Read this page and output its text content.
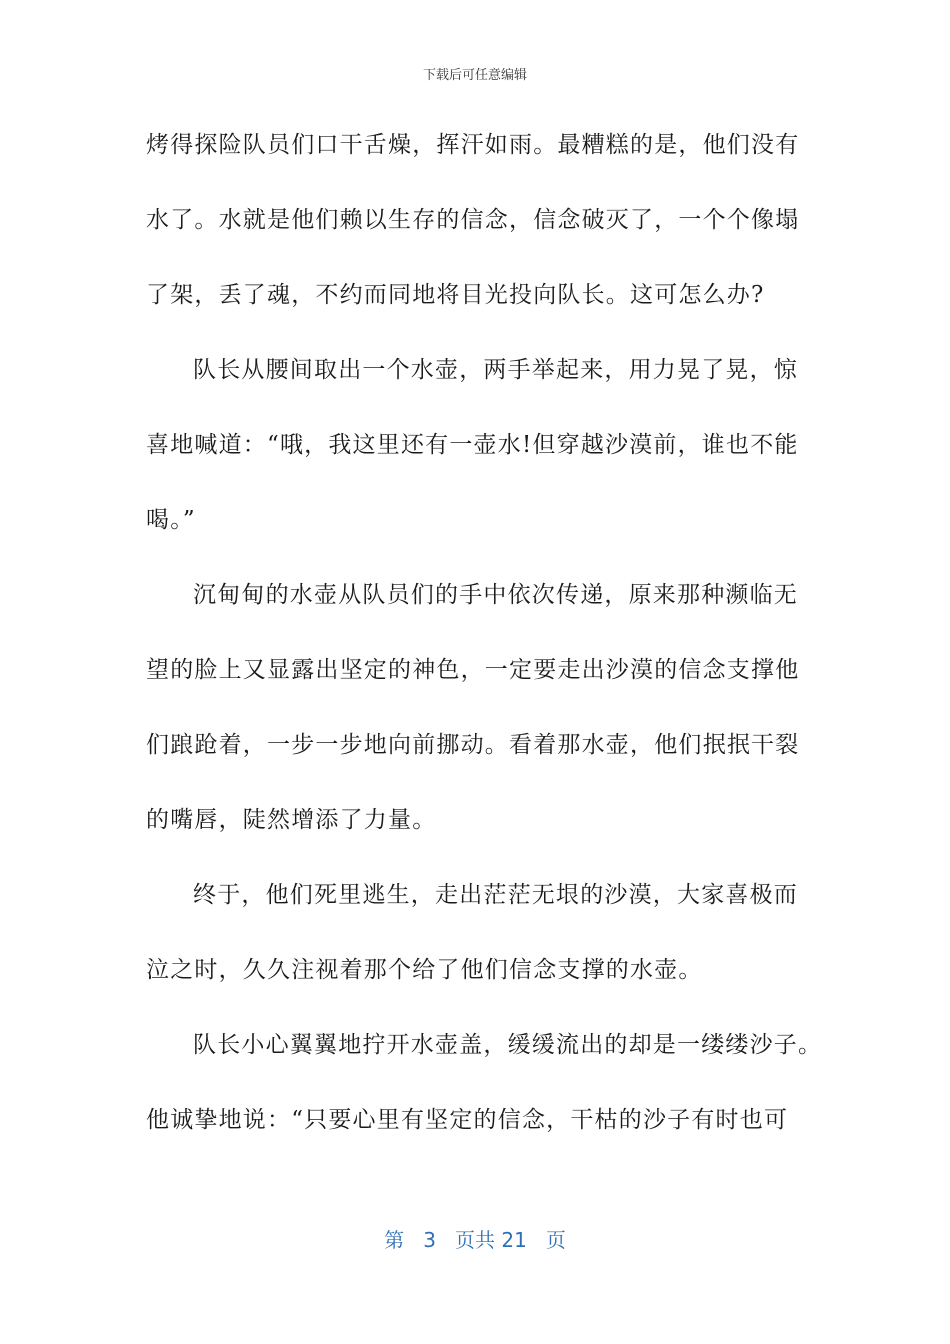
下载后可任意编辑
烤得探险队员们口干舌燥，挥汗如雨。最糟糕的是，他们没有
水了。水就是他们赖以生存的信念，信念破灭了，一个个像塌
了架，丢了魂，不约而同地将目光投向队长。这可怎么办?
队长从腰间取出一个水壶，两手举起来，用力晃了晃，惊
喜地喊道：“哦，我这里还有一壶水!但穿越沙漠前，谁也不能
喝。”
沉甸甸的水壶从队员们的手中依次传递，原来那种濒临无
望的脸上又显露出坚定的神色，一定要走出沙漠的信念支撑他
们踉跄着，一步一步地向前挪动。看着那水壶，他们抿抿干裂
的嘴唇，陡然增添了力量。
终于，他们死里逃生，走出茫茫无垠的沙漠，大家喜极而
泣之时，久久注视着那个给了他们信念支撑的水壶。
队长小心翼翼地拧开水壶盖，缓缓流出的却是一缕缕沙子。
他诚挚地说：“只要心里有坚定的信念，干枯的沙子有时也可
第 3 页共 21 页
